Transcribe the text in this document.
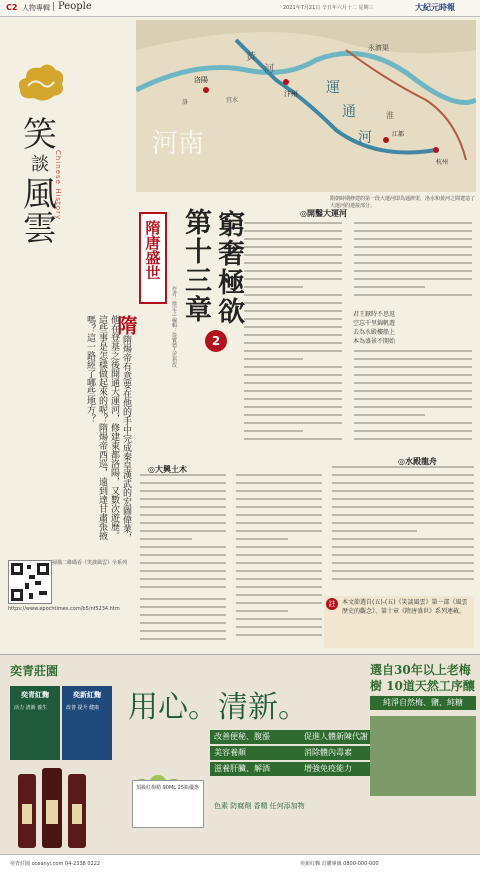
C2 人物專輯 | People	2021年7月21日 辛丑年六月十二 星期三	大紀元時報
笑
談
風
雲
Chinese History
隋隋煬帝有意要在他的手中完成秦皇漢武的宏圖偉業，他在登基之後開通大運河，修建東都洛陽，又數次遊歷。這些事是怎樣做起來的呢？隋煬帝西巡，遠到達甘肅張掖嗎？這一路經了哪些地方？
掃描二維碼看《笑談風雲》全系列
https://www.epochtimes.com/b5/nf5234.htm
黃
河
洛陽
宜水
洛
汴州
永濟渠
河南
淮
江都
杭州
運
通
河
隋朝時期修建的第一段大運河即為通濟渠，洛水和黃河之間建造了大運河的連接部分。
隋唐盛世 第十三章 窮奢極欲
作者：徐定之 編輯：從寶德人思梧改	2
◎開鑿大運河
◎大興土木
◎水殿龍舟
君王厭時不思返
空忘千里錦帆遊
去為水殿樓船上
本為盛景不開始
註	本文節選自(五)-(五)《笑談風雲》第一部《風雲歷史的觀念》、第十章《隋唐盛世》系列連載。
奕青莊園
奕青紅麴
活力 清新 養生
奕新紅麴
改善 提升 健康 用心。清新。
改善便秘、腹漲
美容養顏
滋養肝臟、解酒
促進人體新陳代謝
消除體內毒素
增強免疫能力
選自30年以上老梅樹 10道天然工序釀
純淨自然梅、鹽、純糖
色素 防腐劑 香精 任何添加物
頂級紅梅精 90ML 25瓶優惠
奕青莊園 oceanyi.com 04-2338 0222	奕新紅麴 訂購專線 0800-000-000
